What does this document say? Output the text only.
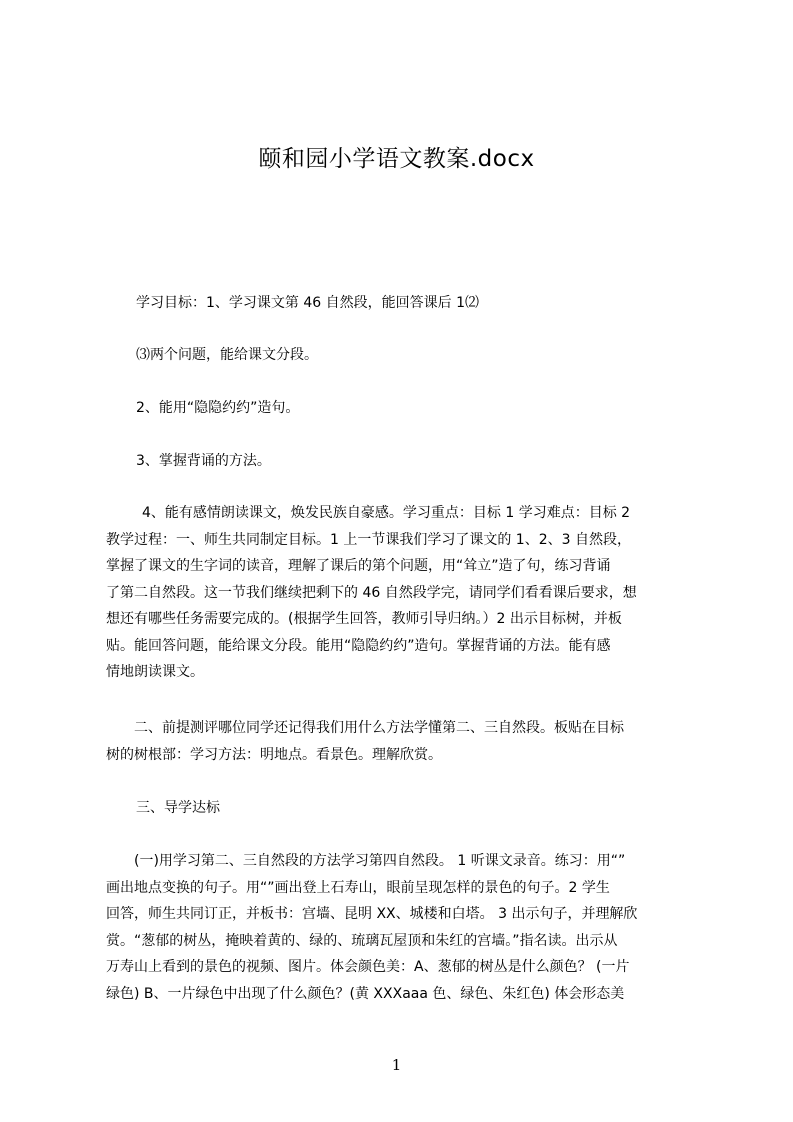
颐和园小学语文教案.docx
学习目标：1、学习课文第 46 自然段，能回答课后 1⑵
⑶两个问题，能给课文分段。
2、能用“隐隐约约”造句。
3、掌握背诵的方法。
4、能有感情朗读课文，焕发民族自豪感。学习重点：目标 1 学习难点：目标 2
教学过程：一、师生共同制定目标。1 上一节课我们学习了课文的 1、2、3 自然段，
掌握了课文的生字词的读音，理解了课后的第个问题，用“耸立”造了句，练习背诵
了第二自然段。这一节我们继续把剩下的 46 自然段学完，请同学们看看课后要求，想
想还有哪些任务需要完成的。(根据学生回答，教师引导归纳。）2 出示目标树，并板
贴。能回答问题，能给课文分段。能用“隐隐约约”造句。掌握背诵的方法。能有感
情地朗读课文。
二、前提测评哪位同学还记得我们用什么方法学懂第二、三自然段。板贴在目标
树的树根部：学习方法：明地点。看景色。理解欣赏。
三、导学达标
(一)用学习第二、三自然段的方法学习第四自然段。 1 听课文录音。练习：用“”
画出地点变换的句子。用“”画出登上石寿山，眼前呈现怎样的景色的句子。2 学生
回答，师生共同订正，并板书：宫墙、昆明 XX、城楼和白塔。 3 出示句子，并理解欣
赏。“葱郁的树丛，掩映着黄的、绿的、琉璃瓦屋顶和朱红的宫墙。”指名读。出示从
万寿山上看到的景色的视频、图片。体会颜色美：A、葱郁的树丛是什么颜色？ (一片
绿色) B、一片绿色中出现了什么颜色？(黄 XXXaaa 色、绿色、朱红色) 体会形态美
1
